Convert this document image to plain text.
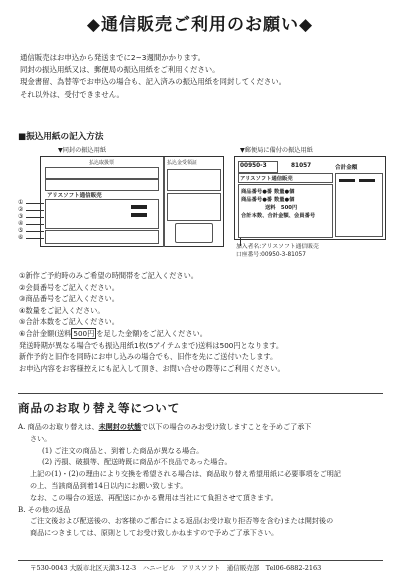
◆通信販売ご利用のお願い◆
通信販売はお申込から発送までに2~3週間かかります。
同封の振込用紙又は、郵便局の振込用紙をご利用ください。
現金書留、為替等でお申込の場合も、記入済みの振込用紙を同封してください。
それ以外は、受付できません。
■振込用紙の記入方法
▼同封の振込用紙
払込取扱票	払込金受領証
アリスソフト通信販売
①
②
③
④
⑤
⑥
▼郵便局に備付の振込用紙
00950-3	81057	合計金額
アリスソフト通信販売
商品番号●番 数量●個
商品番号●番 数量●個
送料　500円
合計本数、合計金額、会員番号
加入者名:アリスソフト通信販売
口座番号:00950-3-81057
①新作ご予約時のみご希望の時間帯をご記入ください。
②会員番号をご記入ください。
③商品番号をご記入ください。
④数量をご記入ください。
⑤合計本数をご記入ください。
⑥合計金額(送料 500円 を足した金額)をご記入ください。
発送時期が異なる場合でも振込用紙1枚(5アイテムまで)送料は500円となります。
新作予約と旧作を同時にお申し込みの場合でも、旧作を先にご送付いたします。
お申込内容をお客様控えにも記入して頂き、お問い合せの際等にご利用ください。
商品のお取り替え等について
A. 商品のお取り替えは、未開封の状態で以下の場合のみお受け致しますことを予めご了承下
さい。
(1) ご注文の商品と、到着した商品が異なる場合。
(2) 汚損、破損等、配送時既に商品が不良品であった場合。
上記の(1)・(2)の理由により交換を希望される場合は、商品取り替え希望用紙に必要事項をご明記
の上、当該商品到着14日以内にお願い致します。
なお、この場合の返送、再配送にかかる費用は当社にて負担させて頂きます。
B. その他の返品
ご注文後および配送後の、お客様のご都合による返品(お受け取り拒否等を含む)または開封後の
商品につきましては、原則としてお受け致しかねますので予めご了承下さい。
〒530-0043 大阪市北区天満3-12-3　ハニービル　アリスソフト　通信販売部　Tel06-6882-2163
